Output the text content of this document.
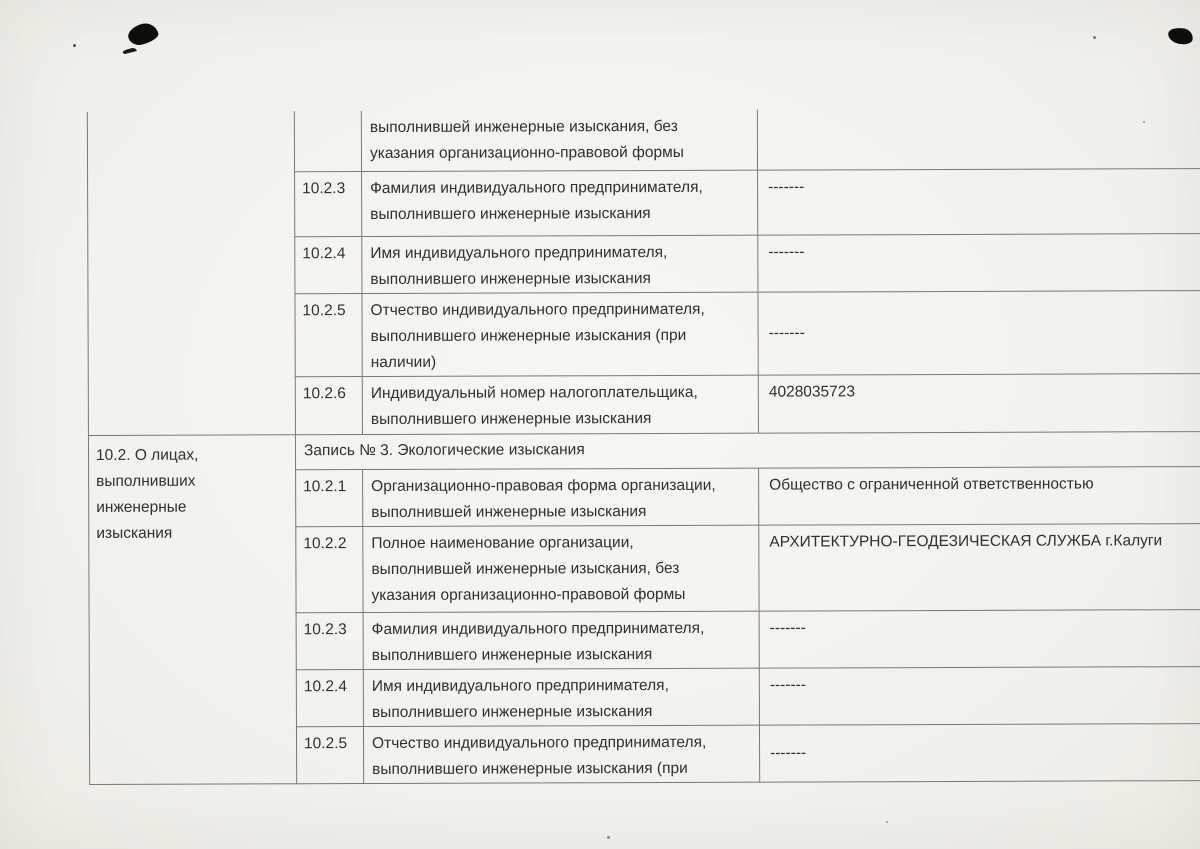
		выполнившей инженерные изыскания, без
указания организационно-правовой формы	
	10.2.3	Фамилия индивидуального предпринимателя,
выполнившего инженерные изыскания	-------
	10.2.4	Имя индивидуального предпринимателя,
выполнившего инженерные изыскания	-------
	10.2.5	Отчество индивидуального предпринимателя,
выполнившего инженерные изыскания (при
наличии)	-------
	10.2.6	Индивидуальный номер налогоплательщика,
выполнившего инженерные изыскания	4028035723
10.2. О лицах,
выполнивших
инженерные
изыскания	Запись № 3. Экологические изыскания		
	10.2.1	Организационно-правовая форма организации,
выполнившей инженерные изыскания	Общество с ограниченной ответственностью
	10.2.2	Полное наименование организации,
выполнившей инженерные изыскания, без
указания организационно-правовой формы	АРХИТЕКТУРНО-ГЕОДЕЗИЧЕСКАЯ СЛУЖБА г.Калуги
	10.2.3	Фамилия индивидуального предпринимателя,
выполнившего инженерные изыскания	-------
	10.2.4	Имя индивидуального предпринимателя,
выполнившего инженерные изыскания	-------
	10.2.5	Отчество индивидуального предпринимателя,
выполнившего инженерные изыскания (при	-------
